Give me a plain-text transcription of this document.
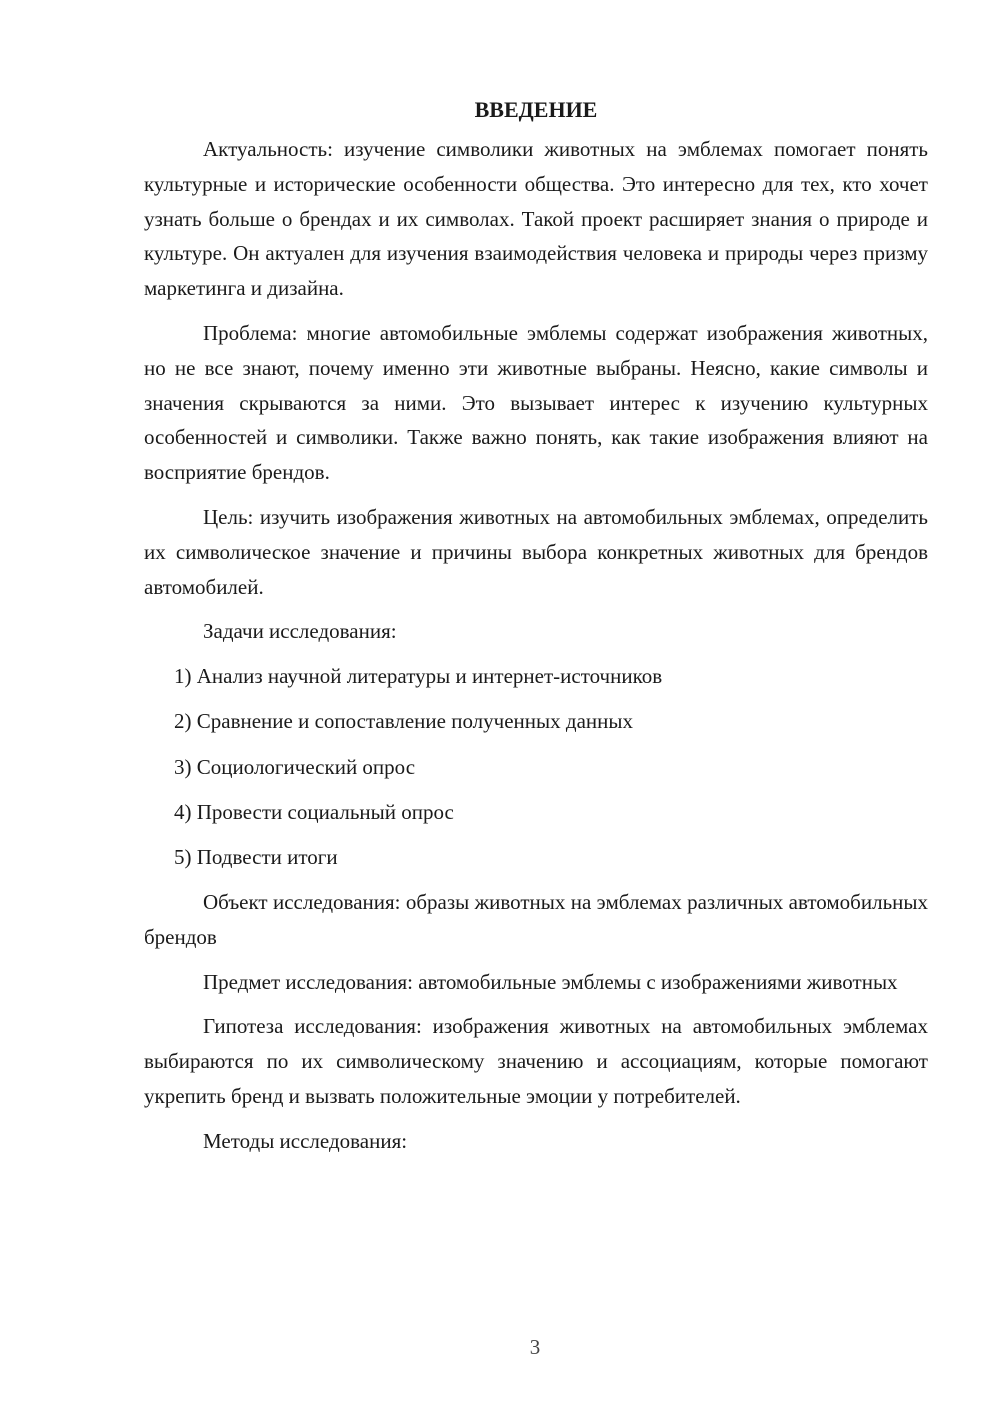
ВВЕДЕНИЕ

Актуальность: изучение символики животных на эмблемах помогает понять культурные и исторические особенности общества. Это интересно для тех, кто хочет узнать больше о брендах и их символах. Такой проект расширяет знания о природе и культуре. Он актуален для изучения взаимодействия человека и природы через призму маркетинга и дизайна.

Проблема: многие автомобильные эмблемы содержат изображения животных, но не все знают, почему именно эти животные выбраны. Неясно, какие символы и значения скрываются за ними. Это вызывает интерес к изучению культурных особенностей и символики. Также важно понять, как такие изображения влияют на восприятие брендов.

Цель: изучить изображения животных на автомобильных эмблемах, определить их символическое значение и причины выбора конкретных животных для брендов автомобилей.

Задачи исследования:

1) Анализ научной литературы и интернет-источников
2) Сравнение и сопоставление полученных данных
3) Социологический опрос
4) Провести социальный опрос
5) Подвести итоги

Объект исследования: образы животных на эмблемах различных автомобильных брендов

Предмет исследования: автомобильные эмблемы с изображениями животных

Гипотеза исследования: изображения животных на автомобильных эмблемах выбираются по их символическому значению и ассоциациям, которые помогают укрепить бренд и вызвать положительные эмоции у потребителей.

Методы исследования:

3
